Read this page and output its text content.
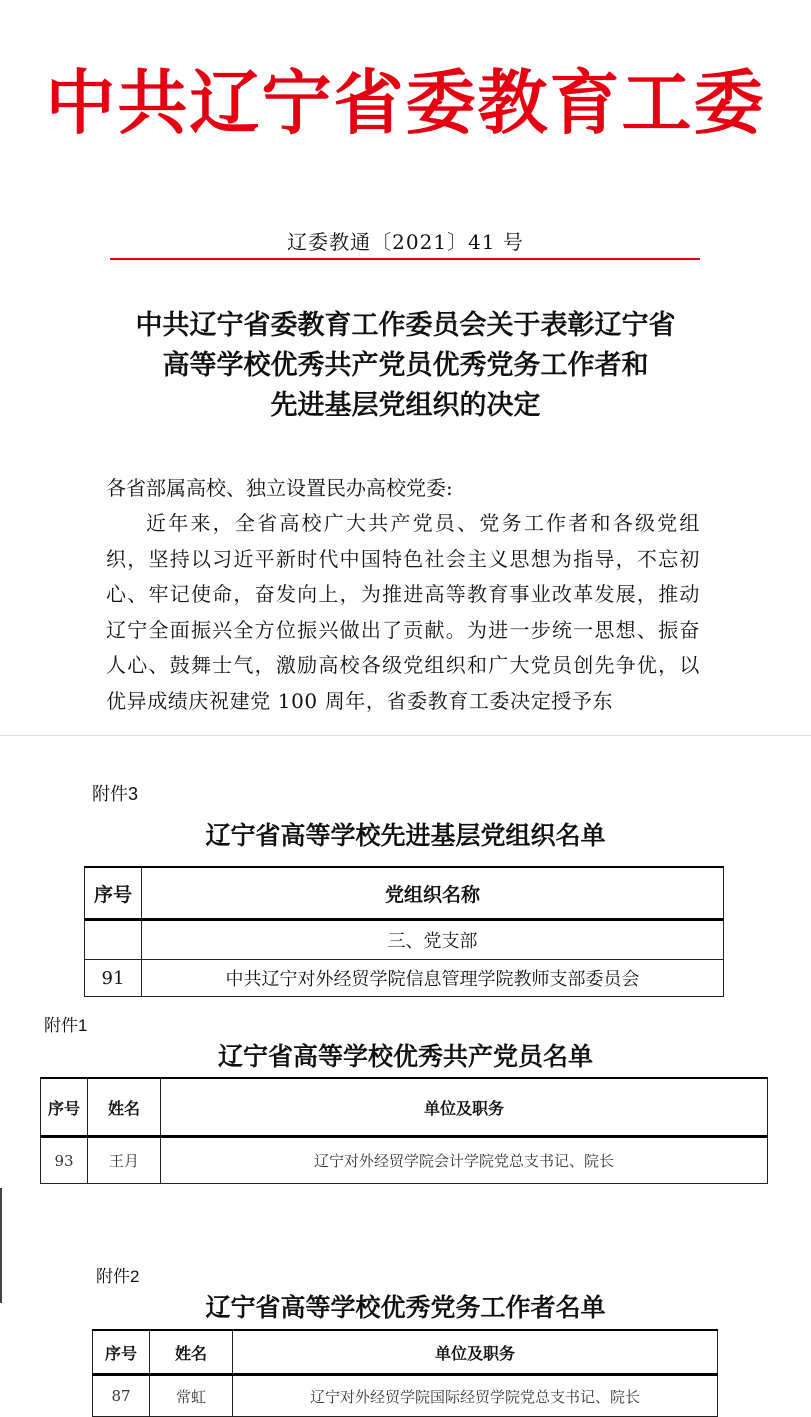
中共辽宁省委教育工委
辽委教通〔2021〕41 号
中共辽宁省委教育工作委员会关于表彰辽宁省
高等学校优秀共产党员优秀党务工作者和
先进基层党组织的决定
各省部属高校、独立设置民办高校党委:
近年来，全省高校广大共产党员、党务工作者和各级党组织，坚持以习近平新时代中国特色社会主义思想为指导，不忘初心、牢记使命，奋发向上，为推进高等教育事业改革发展，推动辽宁全面振兴全方位振兴做出了贡献。为进一步统一思想、振奋人心、鼓舞士气，激励高校各级党组织和广大党员创先争优，以优异成绩庆祝建党 100 周年，省委教育工委决定授予东
附件3
辽宁省高等学校先进基层党组织名单
序号	党组织名称
	三、党支部
91	中共辽宁对外经贸学院信息管理学院教师支部委员会
附件1
辽宁省高等学校优秀共产党员名单
序号	姓名	单位及职务
93	王月	辽宁对外经贸学院会计学院党总支书记、院长
附件2
辽宁省高等学校优秀党务工作者名单
序号	姓名	单位及职务
87	常虹	辽宁对外经贸学院国际经贸学院党总支书记、院长
